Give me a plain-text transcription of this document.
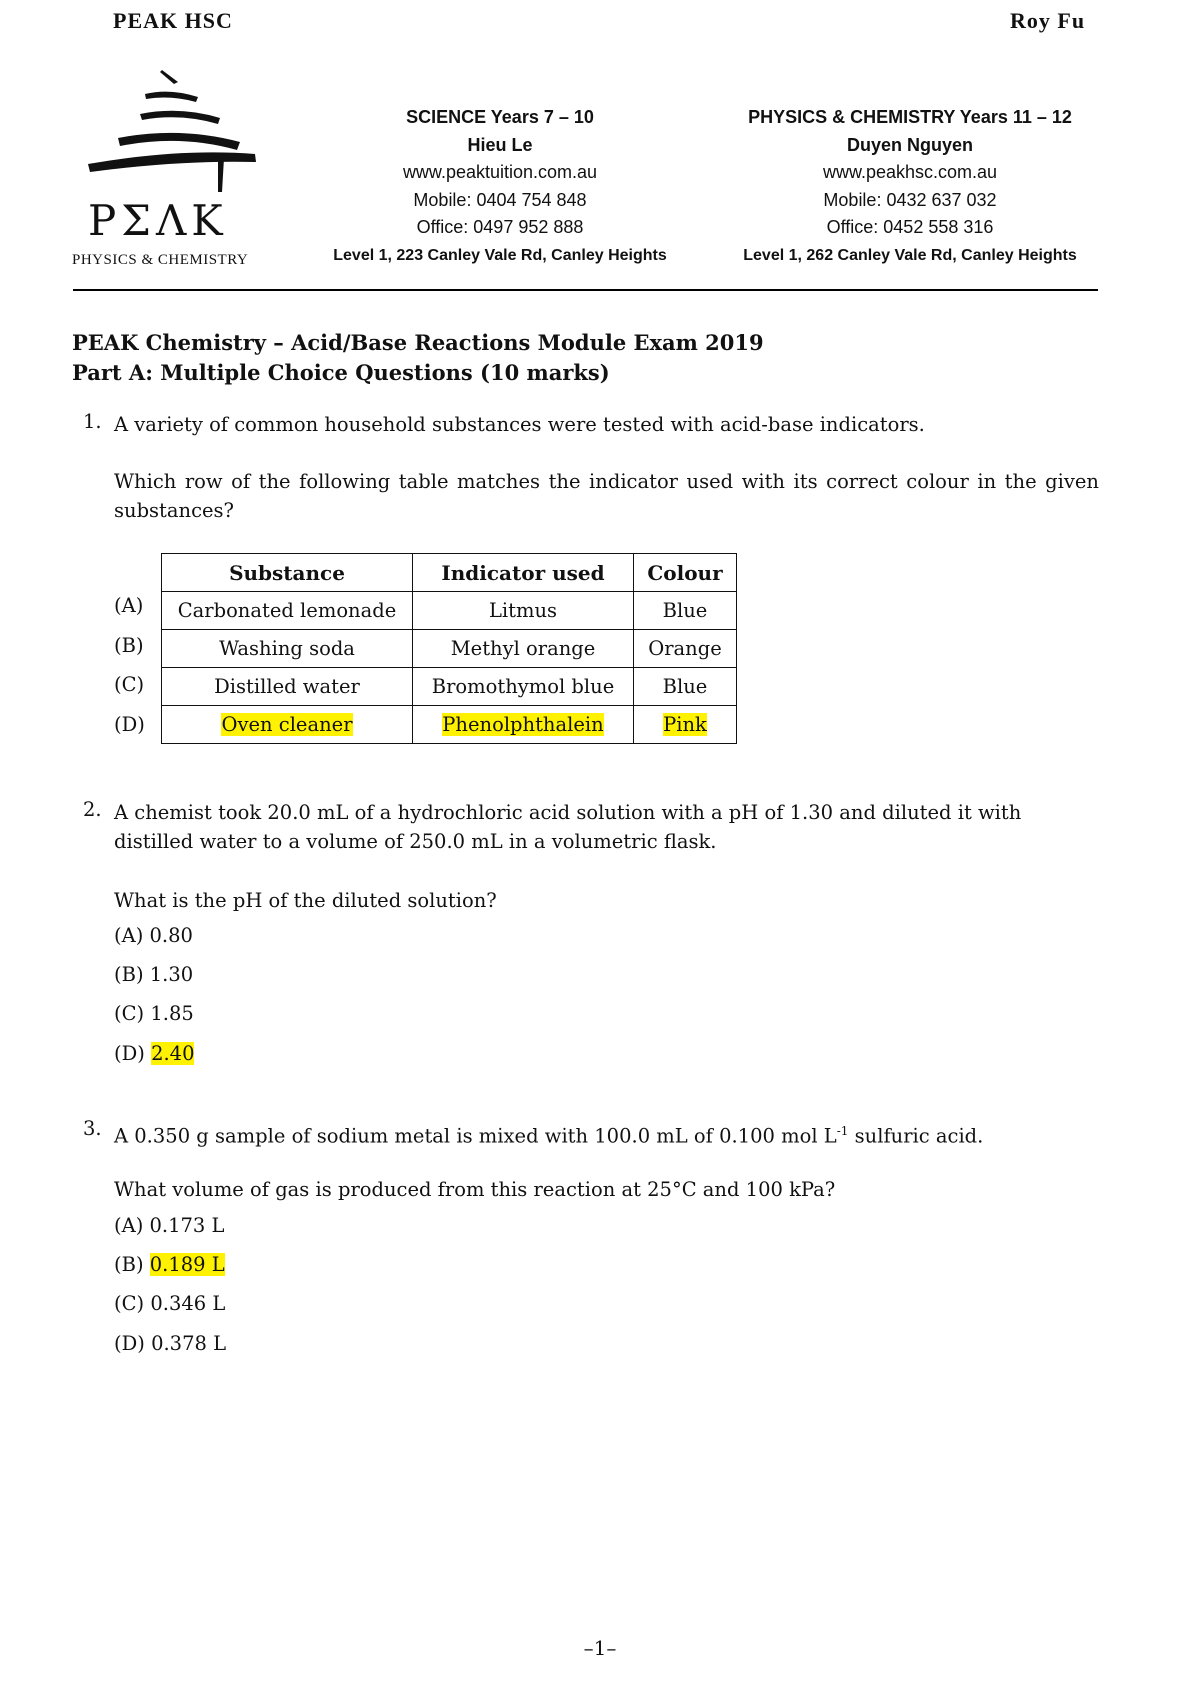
PEAK HSC	Roy Fu
PΣΛK
PHYSICS & CHEMISTRY
SCIENCE Years 7 – 10
Hieu Le
www.peaktuition.com.au
Mobile: 0404 754 848
Office: 0497 952 888
Level 1, 223 Canley Vale Rd, Canley Heights
PHYSICS & CHEMISTRY Years 11 – 12
Duyen Nguyen
www.peakhsc.com.au
Mobile: 0432 637 032
Office: 0452 558 316
Level 1, 262 Canley Vale Rd, Canley Heights
PEAK Chemistry – Acid/Base Reactions Module Exam 2019
Part A: Multiple Choice Questions (10 marks)
1. A variety of common household substances were tested with acid-base indicators.
Which row of the following table matches the indicator used with its correct colour in the given substances?
(A)
(B)
(C)
(D)
Substance	Indicator used	Colour
Carbonated lemonade	Litmus	Blue
Washing soda	Methyl orange	Orange
Distilled water	Bromothymol blue	Blue
Oven cleaner	Phenolphthalein	Pink
2. A chemist took 20.0 mL of a hydrochloric acid solution with a pH of 1.30 and diluted it with
distilled water to a volume of 250.0 mL in a volumetric flask.
What is the pH of the diluted solution?
(A) 0.80
(B) 1.30
(C) 1.85
(D) 2.40
3. A 0.350 g sample of sodium metal is mixed with 100.0 mL of 0.100 mol $L^{-1}$ sulfuric acid.
What volume of gas is produced from this reaction at 25°C and 100 kPa?
(A) 0.173 L
(B) 0.189 L
(C) 0.346 L
(D) 0.378 L
–1–
